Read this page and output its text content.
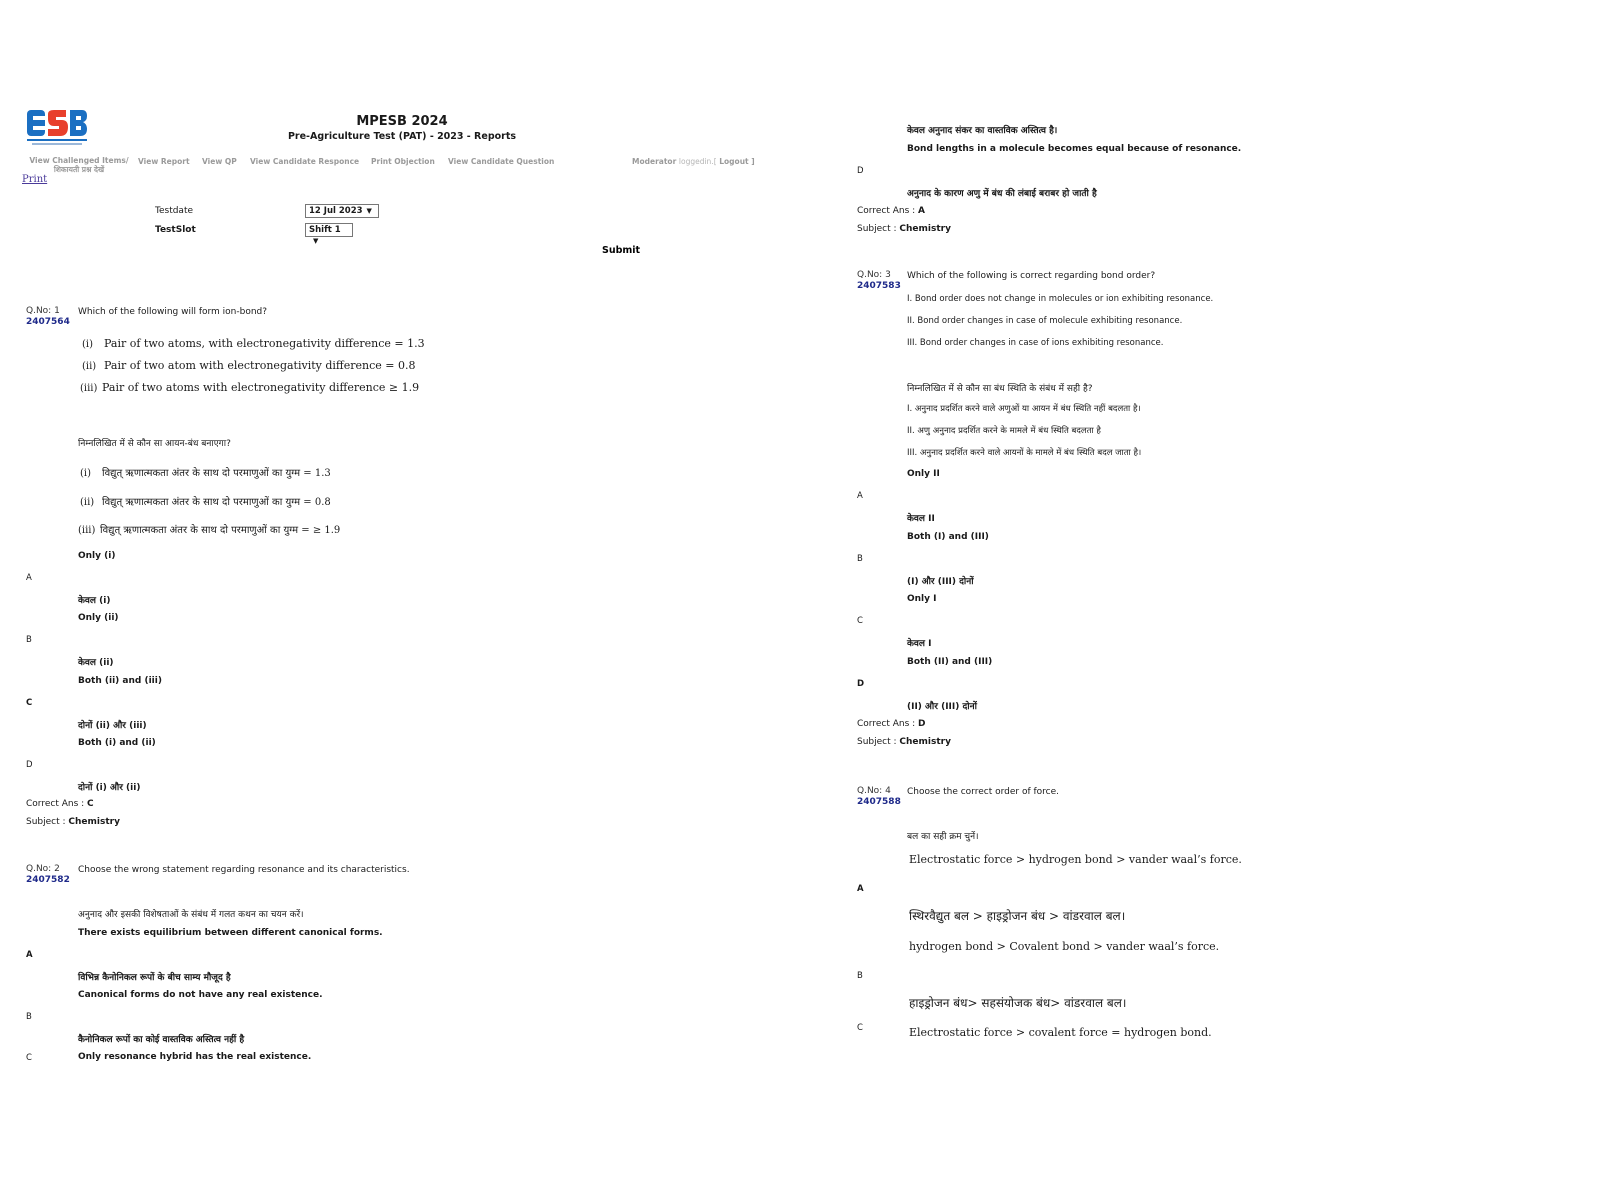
MPESB 2024
Pre-Agriculture Test (PAT) - 2023 - Reports
View Challenged Items/
शिकायती प्रश्न देखें
View Report View QP View Candidate Responce Print Objection View Candidate Question	Moderator loggedin.[ Logout ]
Print
Testdate	12 Jul 2023 ▼
TestSlot	Shift 1▼
Submit
Q.No: 1
2407564
Which of the following will form ion-bond?
(i) Pair of two atoms, with electronegativity difference = 1.3
(ii) Pair of two atom with electronegativity difference = 0.8
(iii) Pair of two atoms with electronegativity difference ≥ 1.9
निम्नलिखित में से कौन सा आयन-बंध बनाएगा?
(i) विद्युत् ऋणात्मकता अंतर के साथ दो परमाणुओं का युग्म = 1.3
(ii) विद्युत् ऋणात्मकता अंतर के साथ दो परमाणुओं का युग्म = 0.8
(iii) विद्युत् ऋणात्मकता अंतर के साथ दो परमाणुओं का युग्म = ≥ 1.9
Only (i)
A
केवल (i)
Only (ii)
B
केवल (ii)
Both (ii) and (iii)
C
दोनों (ii) और (iii)
Both (i) and (ii)
D
दोनों (i) और (ii)
Correct Ans : C
Subject : Chemistry
Q.No: 2
2407582
Choose the wrong statement regarding resonance and its characteristics.
अनुनाद और इसकी विशेषताओं के संबंध में गलत कथन का चयन करें।
There exists equilibrium between different canonical forms.
A
विभिन्न कैनोनिकल रूपों के बीच साम्य मौजूद है
Canonical forms do not have any real existence.
B
कैनोनिकल रूपों का कोई वास्तविक अस्तित्व नहीं है
C	Only resonance hybrid has the real existence.
केवल अनुनाद संकर का वास्तविक अस्तित्व है।
Bond lengths in a molecule becomes equal because of resonance.
D
अनुनाद के कारण अणु में बंध की लंबाई बराबर हो जाती है
Correct Ans : A
Subject : Chemistry
Q.No: 3
2407583
Which of the following is correct regarding bond order?
I. Bond order does not change in molecules or ion exhibiting resonance.
II. Bond order changes in case of molecule exhibiting resonance.
III. Bond order changes in case of ions exhibiting resonance.
निम्नलिखित में से कौन सा बंध स्थिति के संबंध में सही है?
I. अनुनाद प्रदर्शित करने वाले अणुओं या आयन में बंध स्थिति नहीं बदलता है।
II. अणु अनुनाद प्रदर्शित करने के मामले में बंध स्थिति बदलता है
III. अनुनाद प्रदर्शित करने वाले आयनों के मामले में बंध स्थिति बदल जाता है।
Only II
A
केवल II
Both (I) and (III)
B
(I) और (III) दोनों
Only I
C
केवल I
Both (II) and (III)
D
(II) और (III) दोनों
Correct Ans : D
Subject : Chemistry
Q.No: 4
2407588
Choose the correct order of force.
बल का सही क्रम चुनें।
Electrostatic force > hydrogen bond > vander waal’s force.
A
स्थिरवैद्युत बल > हाइड्रोजन बंध > वांडरवाल बल।
hydrogen bond > Covalent bond > vander waal’s force.
B
हाइड्रोजन बंध> सहसंयोजक बंध> वांडरवाल बल।
C	Electrostatic force > covalent force = hydrogen bond.
